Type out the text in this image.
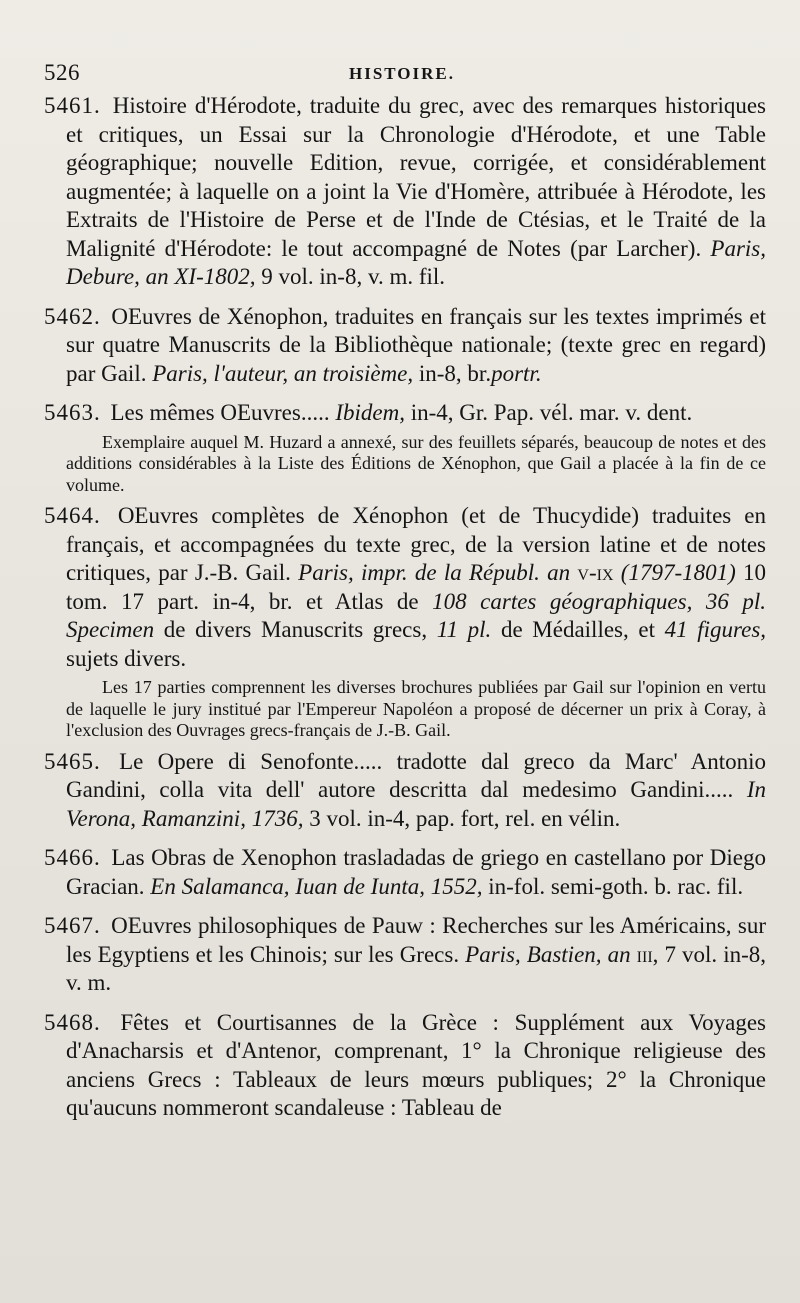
526	HISTOIRE.

5461. Histoire d'Hérodote, traduite du grec, avec des remarques historiques et critiques, un Essai sur la Chronologie d'Hérodote, et une Table géographique; nouvelle Edition, revue, corrigée, et considérablement augmentée; à laquelle on a joint la Vie d'Homère, attribuée à Hérodote, les Extraits de l'Histoire de Perse et de l'Inde de Ctésias, et le Traité de la Malignité d'Hérodote: le tout accompagné de Notes (par Larcher). Paris, Debure, an XI-1802, 9 vol. in-8, v. m. fil.

5462. OEuvres de Xénophon, traduites en français sur les textes imprimés et sur quatre Manuscrits de la Bibliothèque nationale; (texte grec en regard) par Gail. Paris, l'auteur, an troisième, in-8, br.portr.

5463. Les mêmes OEuvres..... Ibidem, in-4, Gr. Pap. vél. mar. v. dent.

Exemplaire auquel M. Huzard a annexé, sur des feuillets séparés, beaucoup de notes et des additions considérables à la Liste des Éditions de Xénophon, que Gail a placée à la fin de ce volume.

5464. OEuvres complètes de Xénophon (et de Thucydide) traduites en français, et accompagnées du texte grec, de la version latine et de notes critiques, par J.-B. Gail. Paris, impr. de la Républ. an v-ix (1797-1801) 10 tom. 17 part. in-4, br. et Atlas de 108 cartes géographiques, 36 pl. Specimen de divers Manuscrits grecs, 11 pl. de Médailles, et 41 figures, sujets divers.

Les 17 parties comprennent les diverses brochures publiées par Gail sur l'opinion en vertu de laquelle le jury institué par l'Empereur Napoléon a proposé de décerner un prix à Coray, à l'exclusion des Ouvrages grecs-français de J.-B. Gail.

5465. Le Opere di Senofonte..... tradotte dal greco da Marc' Antonio Gandini, colla vita dell' autore descritta dal medesimo Gandini..... In Verona, Ramanzini, 1736, 3 vol. in-4, pap. fort, rel. en vélin.

5466. Las Obras de Xenophon trasladadas de griego en castellano por Diego Gracian. En Salamanca, Iuan de Iunta, 1552, in-fol. semi-goth. b. rac. fil.

5467. OEuvres philosophiques de Pauw : Recherches sur les Américains, sur les Egyptiens et les Chinois; sur les Grecs. Paris, Bastien, an iii, 7 vol. in-8, v. m.

5468. Fêtes et Courtisannes de la Grèce : Supplément aux Voyages d'Anacharsis et d'Antenor, comprenant, 1° la Chronique religieuse des anciens Grecs : Tableaux de leurs mœurs publiques; 2° la Chronique qu'aucuns nommeront scandaleuse : Tableau de
